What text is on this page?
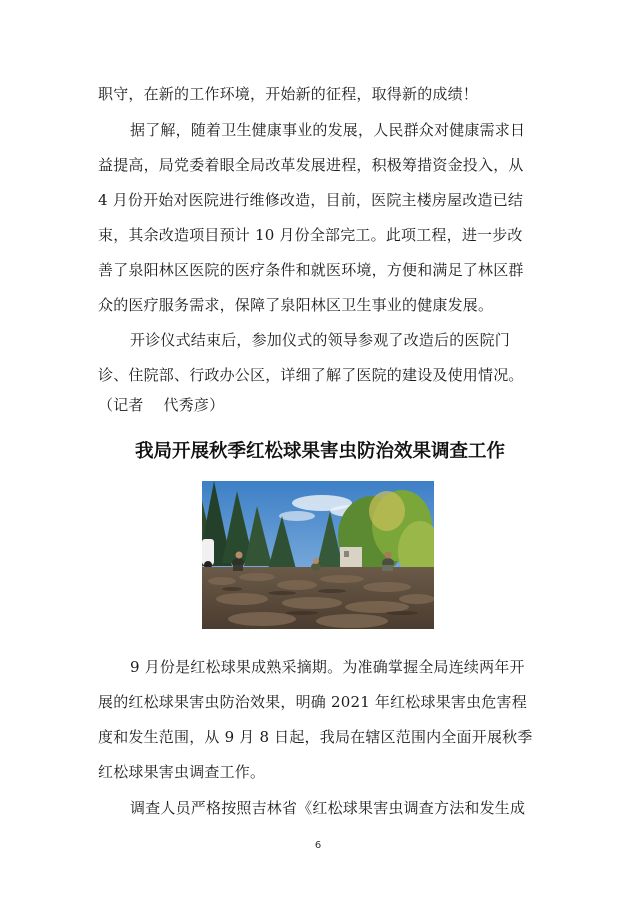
职守，在新的工作环境，开始新的征程，取得新的成绩！
据了解，随着卫生健康事业的发展，人民群众对健康需求日
益提高，局党委着眼全局改革发展进程，积极筹措资金投入，从
4 月份开始对医院进行维修改造，目前，医院主楼房屋改造已结
束，其余改造项目预计 10 月份全部完工。此项工程，进一步改
善了泉阳林区医院的医疗条件和就医环境，方便和满足了林区群
众的医疗服务需求，保障了泉阳林区卫生事业的健康发展。
开诊仪式结束后，参加仪式的领导参观了改造后的医院门
诊、住院部、行政办公区，详细了解了医院的建设及使用情况。
（记者    代秀彦）
我局开展秋季红松球果害虫防治效果调查工作
9 月份是红松球果成熟采摘期。为准确掌握全局连续两年开
展的红松球果害虫防治效果，明确 2021 年红松球果害虫危害程
度和发生范围，从 9 月 8 日起，我局在辖区范围内全面开展秋季
红松球果害虫调查工作。
调查人员严格按照吉林省《红松球果害虫调查方法和发生成
6
